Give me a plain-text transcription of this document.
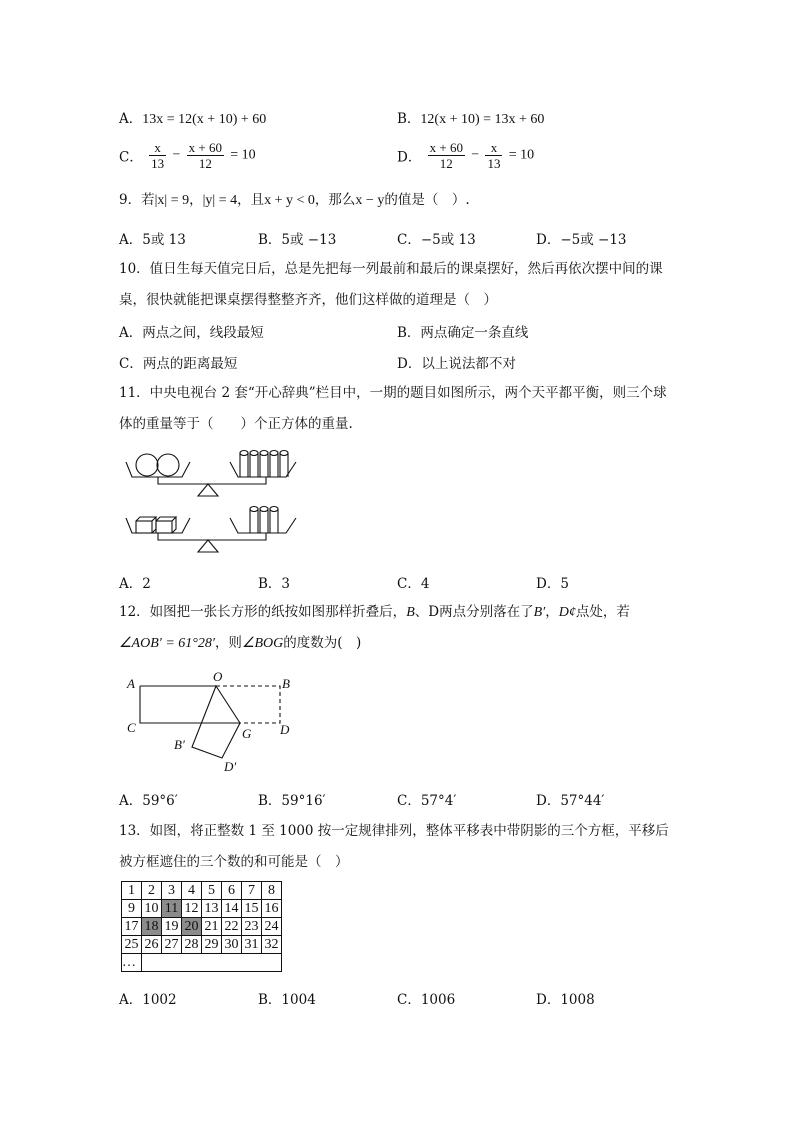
A．13x = 12(x + 10) + 60	B．12(x + 10) = 13x + 60
C． $\frac{x}{13} - \frac{x + 60}{12} = 10$	D． $\frac{x + 60}{12} - \frac{x}{13} = 10$
9．若|x| = 9，|y| = 4，且x + y < 0，那么x − y的值是（　）.
A．5或 13	B．5或 −13	C．−5或 13	D．−5或 −13
10．值日生每天值完日后，总是先把每一列最前和最后的课桌摆好，然后再依次摆中间的课
桌，很快就能把课桌摆得整整齐齐，他们这样做的道理是（　）
A．两点之间，线段最短	B．两点确定一条直线
C．两点的距离最短	D．以上说法都不对
11．中央电视台 2 套“开心辞典”栏目中，一期的题目如图所示，两个天平都平衡，则三个球
体的重量等于（　　）个正方体的重量.
A．2	B．3	C．4	D．5
12．如图把一张长方形的纸按如图那样折叠后，B、D两点分别落在了B′，D¢点处，若
∠AOB′ = 61°28′，则∠BOG的度数为(　)
A	O	B
C	D
B′
G
D′
A．59°6′	B．59°16′	C．57°4′	D．57°44′
13．如图，将正整数 1 至 1000 按一定规律排列，整体平移表中带阴影的三个方框，平移后
被方框遮住的三个数的和可能是（　）
1	2	3	4	5	6	7	8
9	10	11	12	13	14	15	16
17	18	19	20	21	22	23	24
25	26	27	28	29	30	31	32
…							
A．1002	B．1004	C．1006	D．1008
